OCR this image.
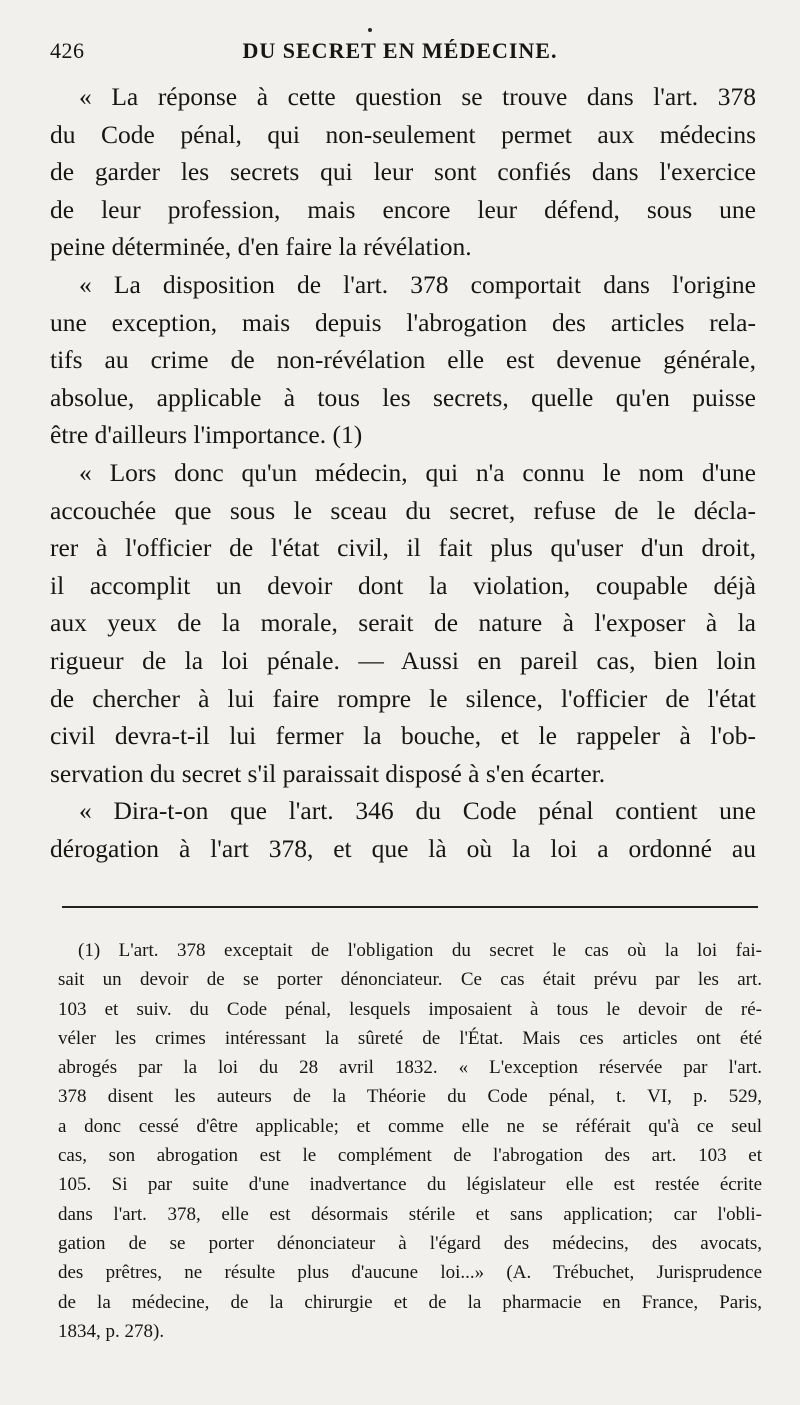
426	DU SECRET EN MÉDECINE.
« La réponse à cette question se trouve dans l'art. 378
du Code pénal, qui non-seulement permet aux médecins
de garder les secrets qui leur sont confiés dans l'exercice
de leur profession, mais encore leur défend, sous une
peine déterminée, d'en faire la révélation.
« La disposition de l'art. 378 comportait dans l'origine
une exception, mais depuis l'abrogation des articles rela-
tifs au crime de non-révélation elle est devenue générale,
absolue, applicable à tous les secrets, quelle qu'en puisse
être d'ailleurs l'importance. (1)
« Lors donc qu'un médecin, qui n'a connu le nom d'une
accouchée que sous le sceau du secret, refuse de le décla-
rer à l'officier de l'état civil, il fait plus qu'user d'un droit,
il accomplit un devoir dont la violation, coupable déjà
aux yeux de la morale, serait de nature à l'exposer à la
rigueur de la loi pénale. — Aussi en pareil cas, bien loin
de chercher à lui faire rompre le silence, l'officier de l'état
civil devra-t-il lui fermer la bouche, et le rappeler à l'ob-
servation du secret s'il paraissait disposé à s'en écarter.
« Dira-t-on que l'art. 346 du Code pénal contient une
dérogation à l'art 378, et que là où la loi a ordonné au
(1) L'art. 378 exceptait de l'obligation du secret le cas où la loi fai-
sait un devoir de se porter dénonciateur. Ce cas était prévu par les art.
103 et suiv. du Code pénal, lesquels imposaient à tous le devoir de ré-
véler les crimes intéressant la sûreté de l'État. Mais ces articles ont été
abrogés par la loi du 28 avril 1832. « L'exception réservée par l'art.
378 disent les auteurs de la Théorie du Code pénal, t. VI, p. 529,
a donc cessé d'être applicable; et comme elle ne se référait qu'à ce seul
cas, son abrogation est le complément de l'abrogation des art. 103 et
105. Si par suite d'une inadvertance du législateur elle est restée écrite
dans l'art. 378, elle est désormais stérile et sans application; car l'obli-
gation de se porter dénonciateur à l'égard des médecins, des avocats,
des prêtres, ne résulte plus d'aucune loi...» (A. Trébuchet, Jurisprudence
de la médecine, de la chirurgie et de la pharmacie en France, Paris,
1834, p. 278).
